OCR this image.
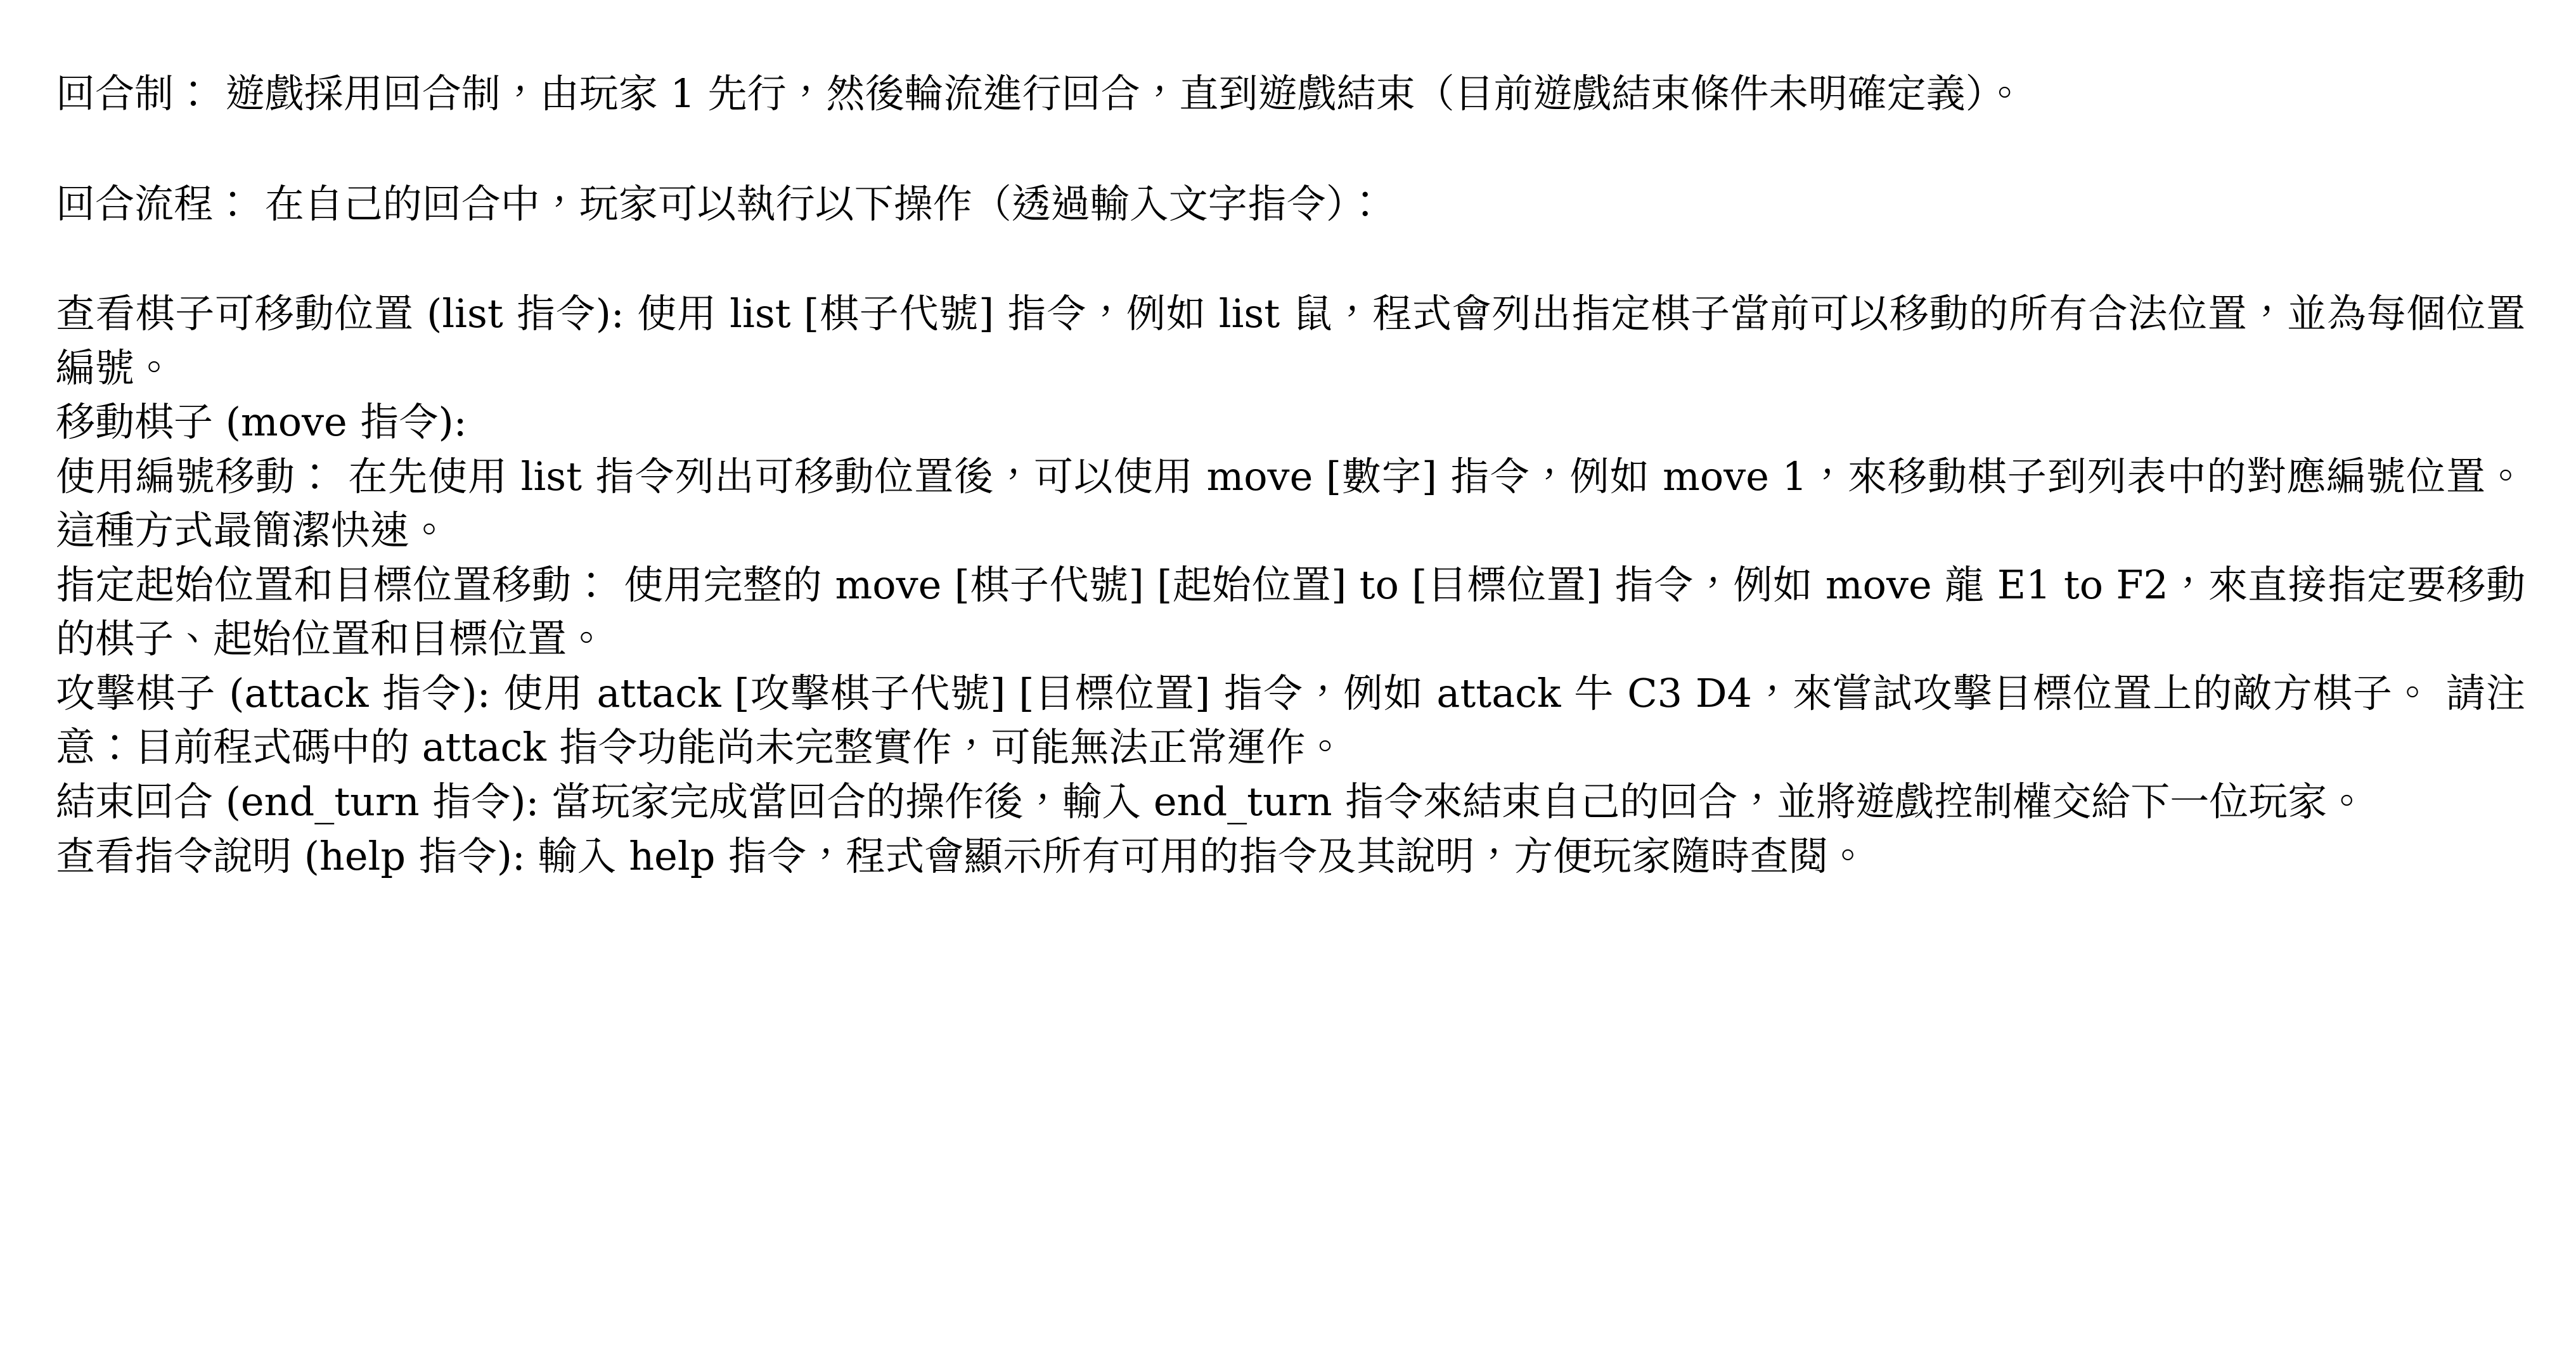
回合制： 遊戲採用回合制，由玩家 1 先行，然後輪流進行回合，直到遊戲結束（目前遊戲結束條件未明確定義）。

回合流程： 在自己的回合中，玩家可以執行以下操作（透過輸入文字指令）：

查看棋子可移動位置 (list 指令): 使用 list [棋子代號] 指令，例如 list 鼠，程式會列出指定棋子當前可以移動的所有合法位置，並為每個位置編號。

移動棋子 (move 指令):

使用編號移動： 在先使用 list 指令列出可移動位置後，可以使用 move [數字] 指令，例如 move 1，來移動棋子到列表中的對應編號位置。 這種方式最簡潔快速。

指定起始位置和目標位置移動： 使用完整的 move [棋子代號] [起始位置] to [目標位置] 指令，例如 move 龍 E1 to F2，來直接指定要移動的棋子、起始位置和目標位置。

攻擊棋子 (attack 指令): 使用 attack [攻擊棋子代號] [目標位置] 指令，例如 attack 牛 C3 D4，來嘗試攻擊目標位置上的敵方棋子。 請注意：目前程式碼中的 attack 指令功能尚未完整實作，可能無法正常運作。

結束回合 (end_turn 指令): 當玩家完成當回合的操作後，輸入 end_turn 指令來結束自己的回合，並將遊戲控制權交給下一位玩家。

查看指令說明 (help 指令): 輸入 help 指令，程式會顯示所有可用的指令及其說明，方便玩家隨時查閱。
